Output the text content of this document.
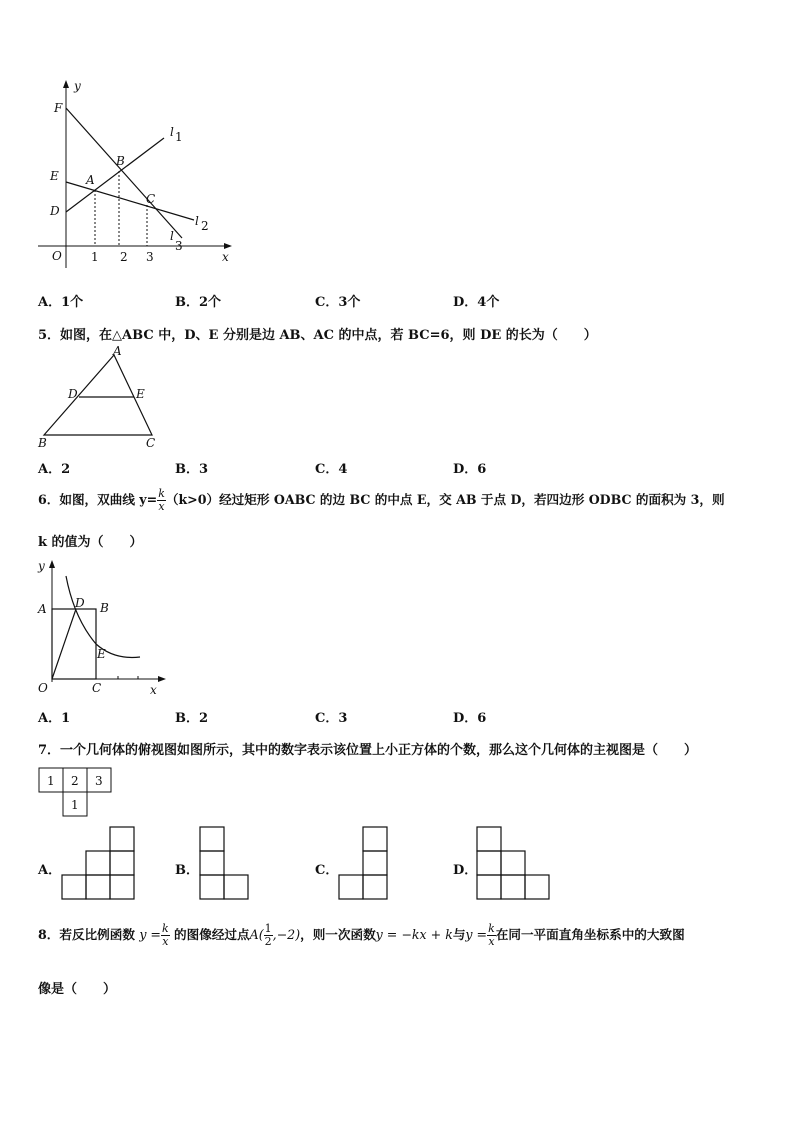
y
F
E
D
A
B
C
O	x
l 1
l 2
l
3
1 2 3
A．1个	B．2个	C．3个	D．4个
5．如图，在△ABC 中，D、E 分别是边 AB、AC 的中点，若 BC=6，则 DE 的长为（　　）
A
D	E
B	C
A．2	B．3	C．4	D．6
6．如图，双曲线 $y= \frac{k}{x} (k>0)$经过矩形 OABC 的边 BC 的中点 E，交 AB 于点 D，若四边形 ODBC 的面积为 3，则
k 的值为（　　）
y
A D B
E
O	C	x
A．1	B．2	C．3	D．6
7．一个几何体的俯视图如图所示，其中的数字表示该位置上小正方体的个数，那么这个几何体的主视图是（　　）
1 2 3
1
A．	B．	C．	D．
8．若反比例函数 $y = \frac{k}{x}$ 的图像经过点$A( \frac{1}{2} ,-2)$，则一次函数y = −kx + k与$y = \frac{k}{x}$ 在同一平面直角坐标系中的大致图
像是（　　）
